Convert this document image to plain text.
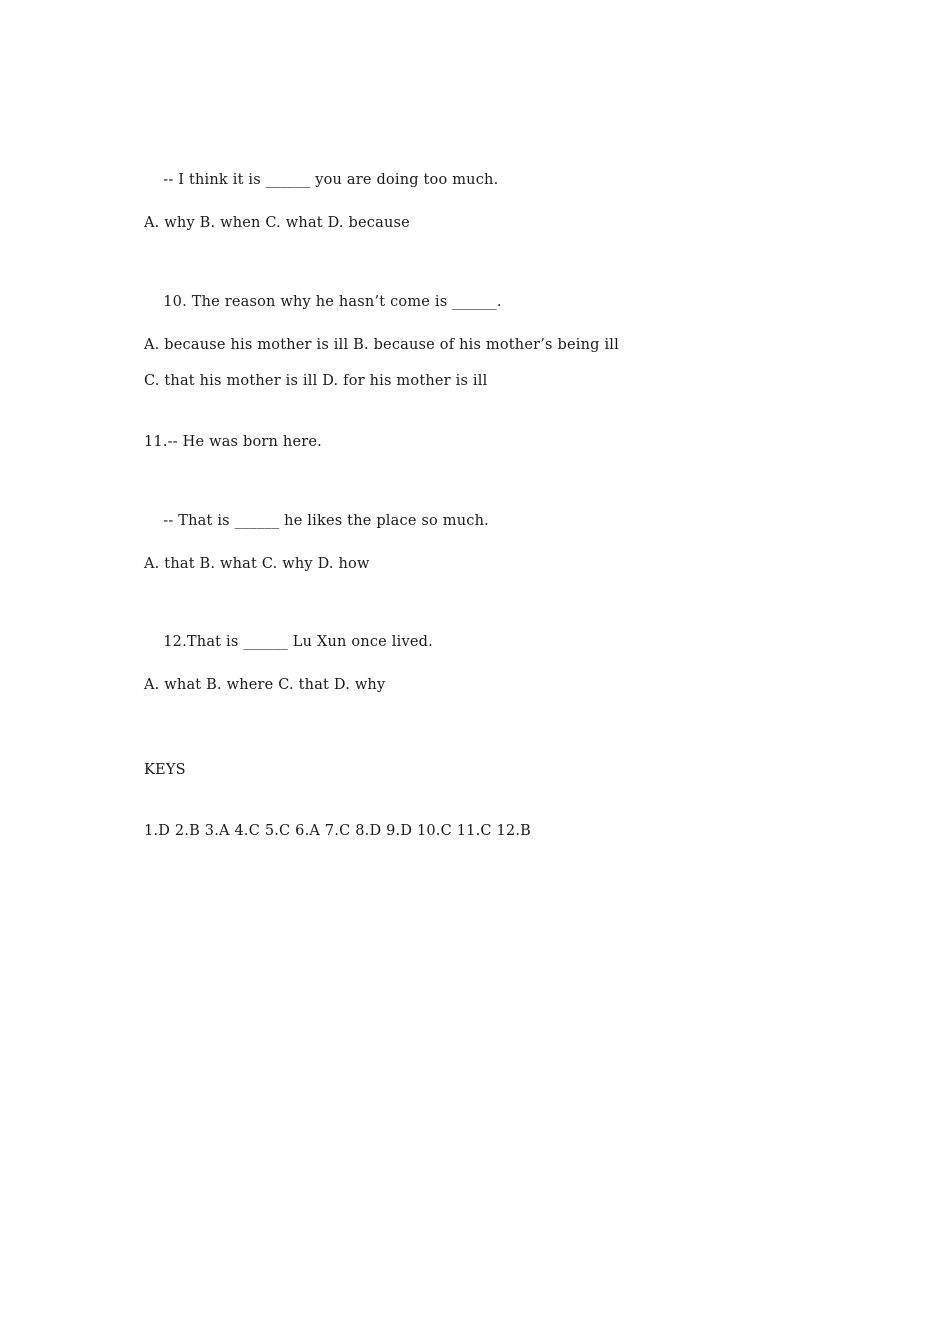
-- I think it is ______ you are doing too much.

A. why B. when C. what D. because

10. The reason why he hasn’t come is ______.

A. because his mother is ill B. because of his mother’s being ill
C. that his mother is ill D. for his mother is ill
11.-- He was born here.

-- That is ______ he likes the place so much.

A. that B. what C. why D. how

12.That is ______ Lu Xun once lived.

A. what B. where C. that D. why
KEYS
1.D 2.B 3.A 4.C 5.C 6.A 7.C 8.D 9.D 10.C 11.C 12.B
